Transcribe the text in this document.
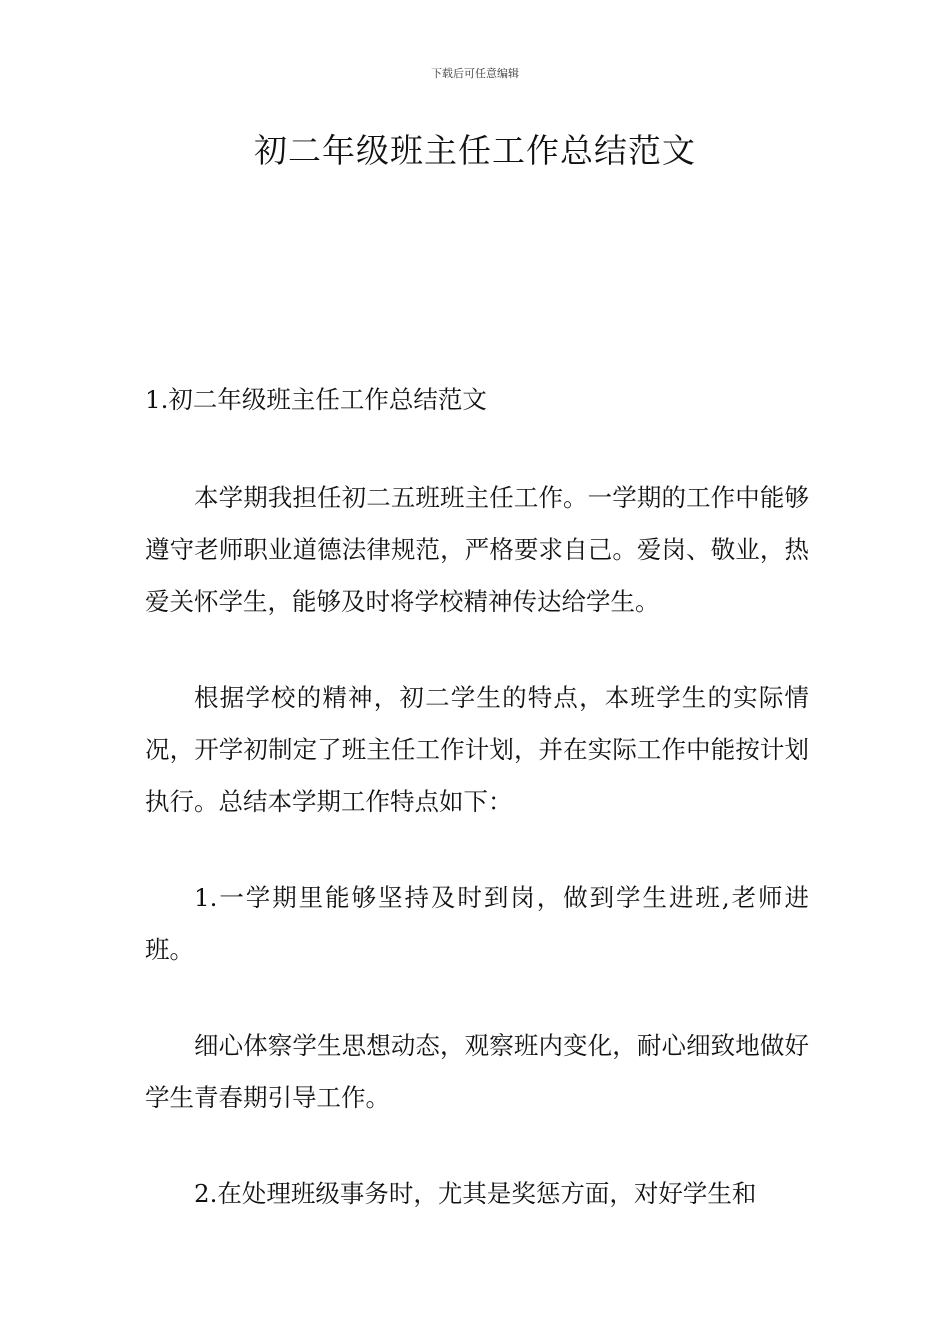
下载后可任意编辑
初二年级班主任工作总结范文
1.初二年级班主任工作总结范文

本学期我担任初二五班班主任工作。一学期的工作中能够遵守老师职业道德法律规范，严格要求自己。爱岗、敬业，热爱关怀学生，能够及时将学校精神传达给学生。

根据学校的精神，初二学生的特点，本班学生的实际情况，开学初制定了班主任工作计划，并在实际工作中能按计划执行。总结本学期工作特点如下：

1.一学期里能够坚持及时到岗，做到学生进班,老师进班。

细心体察学生思想动态，观察班内变化，耐心细致地做好学生青春期引导工作。

2.在处理班级事务时，尤其是奖惩方面，对好学生和
